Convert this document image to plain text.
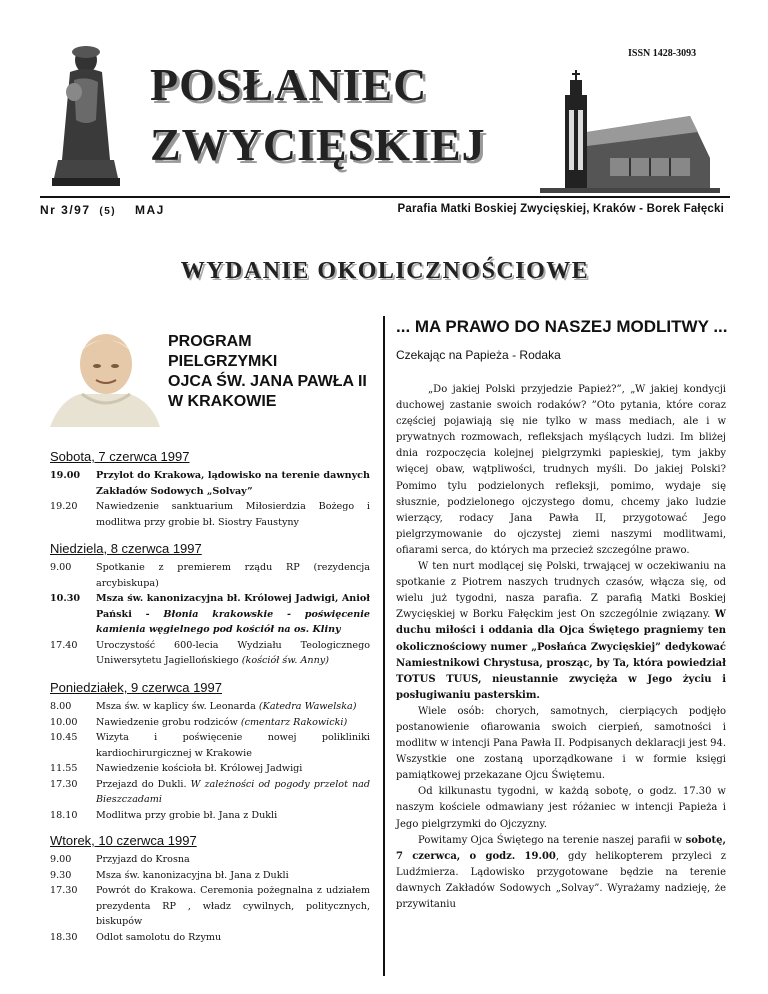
ISSN 1428-3093
POSŁANIEC
ZWYCIĘSKIEJ
Nr 3/97 (5) MAJ	Parafia Matki Boskiej Zwycięskiej, Kraków - Borek Fałęcki
WYDANIE OKOLICZNOŚCIOWE
PROGRAM
PIELGRZYMKI
OJCA ŚW. JANA PAWŁA II
W KRAKOWIE
Sobota, 7 czerwca 1997
19.00	Przylot do Krakowa, lądowisko na terenie dawnych Zakładów Sodowych „Solvay”
19.20	Nawiedzenie sanktuarium Miłosierdzia Bożego i modlitwa przy grobie bł. Siostry Faustyny
Niedziela, 8 czerwca 1997
9.00	Spotkanie z premierem rządu RP (rezydencja arcybiskupa)
10.30	Msza św. kanonizacyjna bł. Królowej Jadwigi, Anioł Pański - Błonia krakowskie - poświęcenie kamienia węgielnego pod kościół na os. Kliny
17.40	Uroczystość 600-lecia Wydziału Teologicznego Uniwersytetu Jagiellońskiego (kościół św. Anny)
Poniedziałek, 9 czerwca 1997
8.00	Msza św. w kaplicy św. Leonarda (Katedra Wawelska)
10.00	Nawiedzenie grobu rodziców (cmentarz Rakowicki)
10.45	Wizyta i poświęcenie nowej polikliniki kardiochirurgicznej w Krakowie
11.55	Nawiedzenie kościoła bł. Królowej Jadwigi
17.30	Przejazd do Dukli. W zależności od pogody przelot nad Bieszczadami
18.10	Modlitwa przy grobie bł. Jana z Dukli
Wtorek, 10 czerwca 1997
9.00	Przyjazd do Krosna
9.30	Msza św. kanonizacyjna bł. Jana z Dukli
17.30	Powrót do Krakowa. Ceremonia pożegnalna z udziałem prezydenta RP , władz cywilnych, politycznych, biskupów
18.30	Odlot samolotu do Rzymu
... MA PRAWO DO NASZEJ MODLITWY ...
Czekając na Papieża - Rodaka

„Do jakiej Polski przyjedzie Papież?”, „W jakiej kondycji duchowej zastanie swoich rodaków? ”Oto pytania, które coraz częściej pojawiają się nie tylko w mass mediach, ale i w prywatnych rozmowach, refleksjach myślących ludzi. Im bliżej dnia rozpoczęcia kolejnej pielgrzymki papieskiej, tym jakby więcej obaw, wątpliwości, trudnych myśli. Do jakiej Polski? Pomimo tylu podzielonych refleksji, pomimo, wydaje się słusznie, podzielonego ojczystego domu, chcemy jako ludzie wierzący, rodacy Jana Pawła II, przygotować Jego pielgrzymowanie do ojczystej ziemi naszymi modlitwami, ofiarami serca, do których ma przecież szczególne prawo.

W ten nurt modlącej się Polski, trwającej w oczekiwaniu na spotkanie z Piotrem naszych trudnych czasów, włącza się, od wielu już tygodni, nasza parafia. Z parafią Matki Boskiej Zwycięskiej w Borku Fałęckim jest On szczególnie związany. W duchu miłości i oddania dla Ojca Świętego pragniemy ten okolicznościowy numer „Posłańca Zwycięskiej” dedykować Namiestnikowi Chrystusa, prosząc, by Ta, która powiedział TOTUS TUUS, nieustannie zwycięża w Jego życiu i posługiwaniu pasterskim.

Wiele osób: chorych, samotnych, cierpiących podjęło postanowienie ofiarowania swoich cierpień, samotności i modlitw w intencji Pana Pawła II. Podpisanych deklaracji jest 94. Wszystkie one zostaną uporządkowane i w formie księgi pamiątkowej przekazane Ojcu Świętemu.

Od kilkunastu tygodni, w każdą sobotę, o godz. 17.30 w naszym kościele odmawiany jest różaniec w intencji Papieża i Jego pielgrzymki do Ojczyzny.

Powitamy Ojca Świętego na terenie naszej parafii w sobotę, 7 czerwca, o godz. 19.00, gdy helikopterem przyleci z Ludźmierza. Lądowisko przygotowane będzie na terenie dawnych Zakładów Sodowych „Solvay”. Wyrażamy nadzieję, że przywitaniu
